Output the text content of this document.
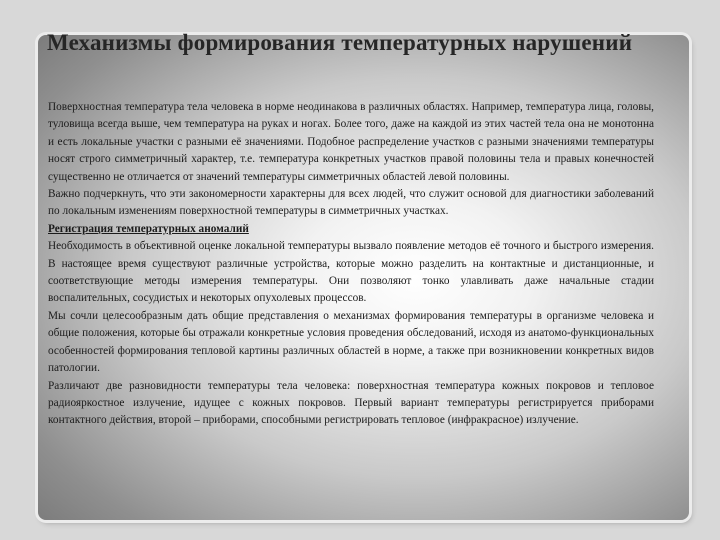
Механизмы формирования температурных нарушений

Поверхностная температура тела человека в норме неодинакова в различных областях. Например, температура лица, головы, туловища всегда выше, чем температура на руках и ногах. Более того, даже на каждой из этих частей тела она не монотонна и есть локальные участки с разными её значениями. Подобное распределение участков с разными значениями температуры носят строго симметричный характер, т.е. температура конкретных участков правой половины тела и правых конечностей существенно не отличается от значений температуры симметричных областей левой половины.

Важно подчеркнуть, что эти закономерности характерны для всех людей, что служит основой для диагностики заболеваний по локальным изменениям поверхностной температуры в симметричных участках.

Регистрация температурных аномалий

Необходимость в объективной оценке локальной температуры вызвало появление методов её точного и быстрого измерения. В настоящее время существуют различные устройства, которые можно разделить на контактные и дистанционные, и соответствующие методы измерения температуры. Они позволяют тонко улавливать даже начальные стадии воспалительных, сосудистых и некоторых опухолевых процессов.

Мы сочли целесообразным дать общие представления о механизмах формирования температуры в организме человека и общие положения, которые бы отражали конкретные условия проведения обследований, исходя из анатомо-функциональных особенностей формирования тепловой картины различных областей в норме, а также при возникновении конкретных видов патологии.

Различают две разновидности температуры тела человека: поверхностная температура кожных покровов и тепловое радиояркостное излучение, идущее с кожных покровов. Первый вариант температуры регистрируется приборами контактного действия, второй – приборами, способными регистрировать тепловое (инфракрасное) излучение.
